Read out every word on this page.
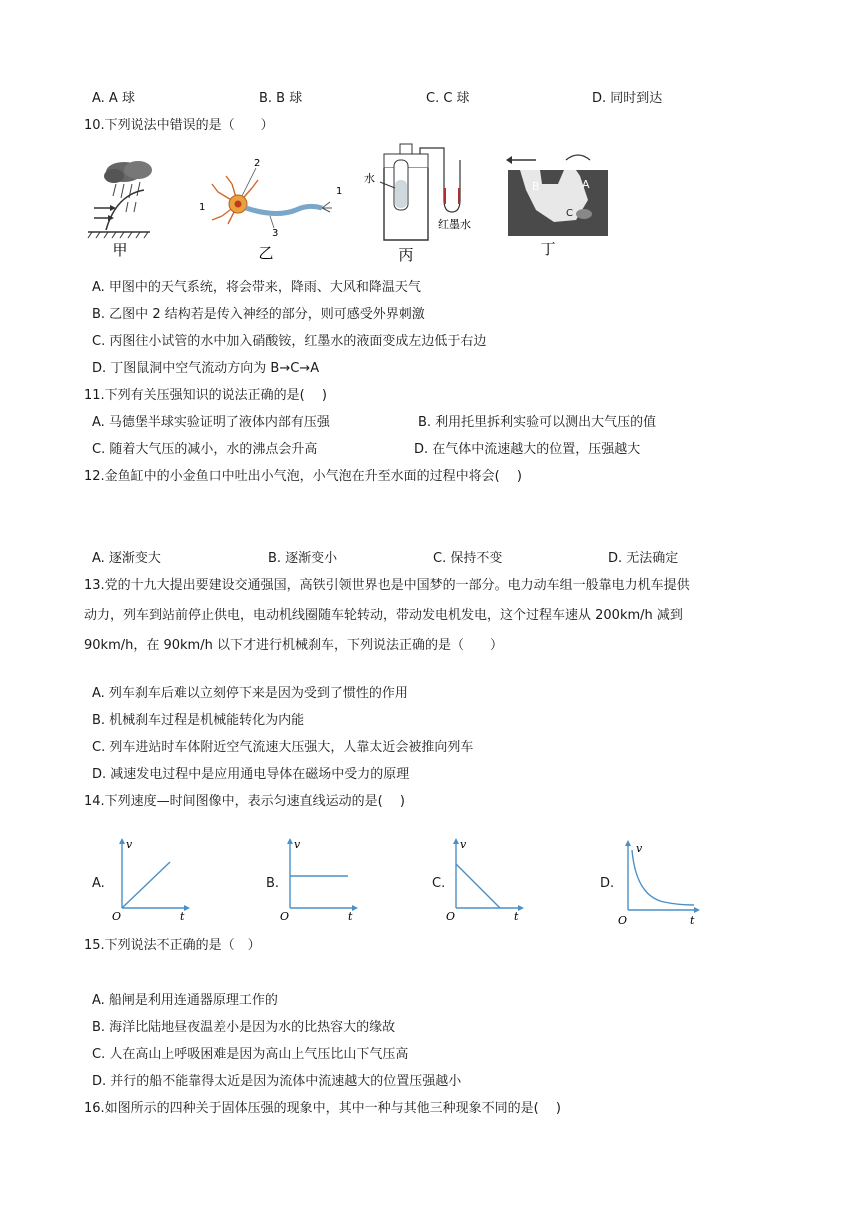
A. A 球	B. B 球	C. C 球	D. 同时到达
10.下列说法中错误的是（　　）
甲
1
2
3
1
乙
水
红墨水
丙
B	A
C
丁
A. 甲图中的天气系统，将会带来，降雨、大风和降温天气
B. 乙图中 2 结构若是传入神经的部分，则可感受外界刺激
C. 丙图往小试管的水中加入硝酸铵，红墨水的液面变成左边低于右边
D. 丁图鼠洞中空气流动方向为 B→C→A
11.下列有关压强知识的说法正确的是(　 )
A. 马德堡半球实验证明了液体内部有压强	B. 利用托里拆利实验可以测出大气压的值
C. 随着大气压的减小，水的沸点会升高	D. 在气体中流速越大的位置，压强越大
12.金鱼缸中的小金鱼口中吐出小气泡，小气泡在升至水面的过程中将会(　 )
A. 逐渐变大	B. 逐渐变小	C. 保持不变	D. 无法确定
13.党的十九大提出要建设交通强国，高铁引领世界也是中国梦的一部分。电力动车组一般靠电力机车提供
动力，列车到站前停止供电，电动机线圈随车轮转动，带动发电机发电，这个过程车速从 200km/h 减到
90km/h，在 90km/h 以下才进行机械刹车，下列说法正确的是（　　）
A. 列车刹车后难以立刻停下来是因为受到了惯性的作用
B. 机械刹车过程是机械能转化为内能
C. 列车进站时车体附近空气流速大压强大，人靠太近会被推向列车
D. 减速发电过程中是应用通电导体在磁场中受力的原理
14.下列速度—时间图像中，表示匀速直线运动的是(　 )
A.
v
O	t
B.
v
O	t
C.
v
O	t
D.
v
O	t
15.下列说法不正确的是（　）
A. 船闸是利用连通器原理工作的
B. 海洋比陆地昼夜温差小是因为水的比热容大的缘故
C. 人在高山上呼吸困难是因为高山上气压比山下气压高
D. 并行的船不能靠得太近是因为流体中流速越大的位置压强越小
16.如图所示的四种关于固体压强的现象中，其中一种与其他三种现象不同的是(　 )
